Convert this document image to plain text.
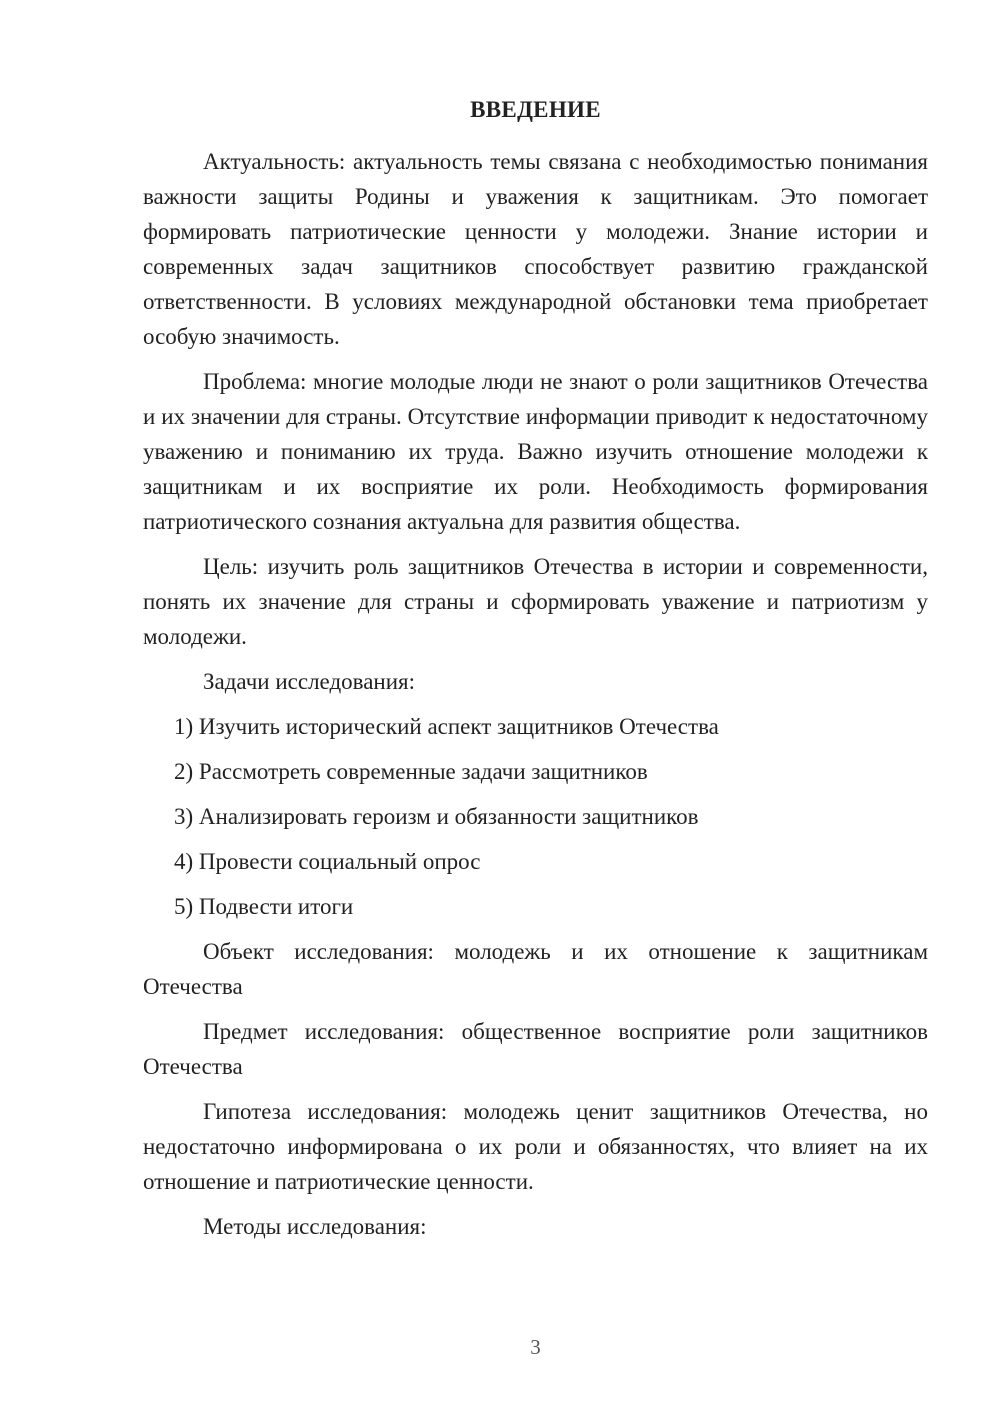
ВВЕДЕНИЕ

Актуальность: актуальность темы связана с необходимостью понимания важности защиты Родины и уважения к защитникам. Это помогает формировать патриотические ценности у молодежи. Знание истории и современных задач защитников способствует развитию гражданской ответственности. В условиях международной обстановки тема приобретает особую значимость.

Проблема: многие молодые люди не знают о роли защитников Отечества и их значении для страны. Отсутствие информации приводит к недостаточному уважению и пониманию их труда. Важно изучить отношение молодежи к защитникам и их восприятие их роли. Необходимость формирования патриотического сознания актуальна для развития общества.

Цель: изучить роль защитников Отечества в истории и современности, понять их значение для страны и сформировать уважение и патриотизм у молодежи.

Задачи исследования:

1) Изучить исторический аспект защитников Отечества
2) Рассмотреть современные задачи защитников
3) Анализировать героизм и обязанности защитников
4) Провести социальный опрос
5) Подвести итоги

Объект исследования: молодежь и их отношение к защитникам Отечества

Предмет исследования: общественное восприятие роли защитников Отечества

Гипотеза исследования: молодежь ценит защитников Отечества, но недостаточно информирована о их роли и обязанностях, что влияет на их отношение и патриотические ценности.

Методы исследования:

3
